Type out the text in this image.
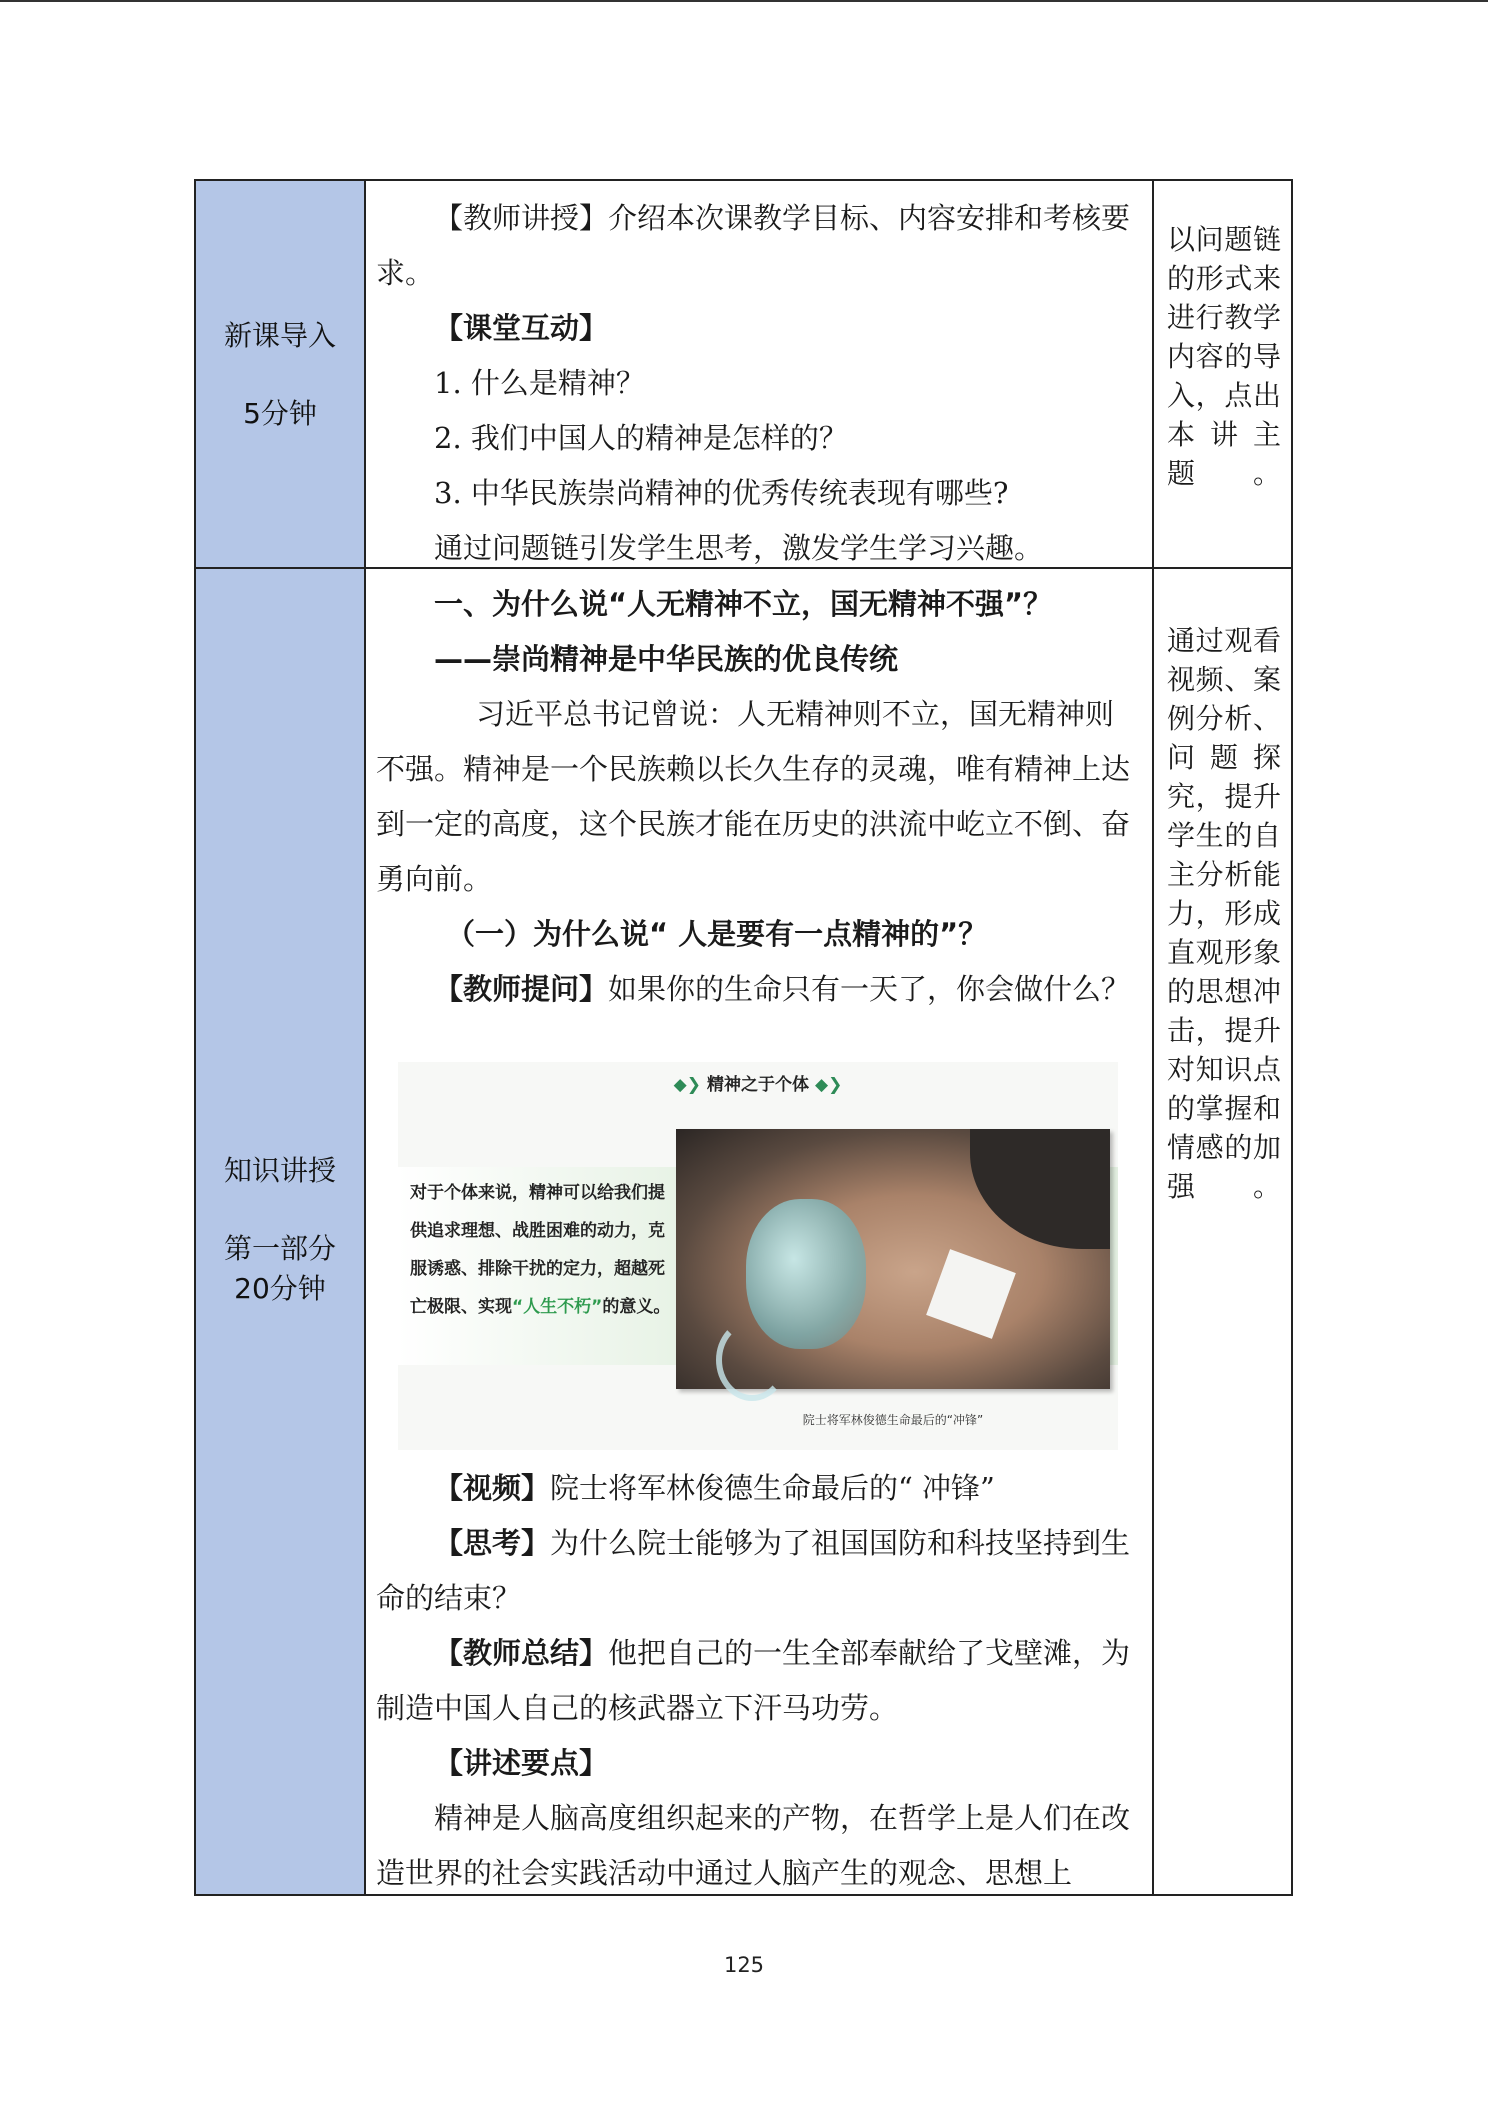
新课导入
5分钟

【教师讲授】介绍本次课教学目标、内容安排和考核要求。

【课堂互动】

1. 什么是精神？

2. 我们中国人的精神是怎样的？

3. 中华民族崇尚精神的优秀传统表现有哪些?

通过问题链引发学生思考，激发学生学习兴趣。

以问题链的形式来进行教学内容的导入，点出本讲主题。
知识讲授
第一部分
20分钟

一、为什么说“人无精神不立，国无精神不强”？

——崇尚精神是中华民族的优良传统

习近平总书记曾说：人无精神则不立，国无精神则不强。精神是一个民族赖以长久生存的灵魂，唯有精神上达到一定的高度，这个民族才能在历史的洪流中屹立不倒、奋勇向前。

（一）为什么说“ 人是要有一点精神的”？

【教师提问】如果你的生命只有一天了，你会做什么？

◆❯ 精神之于个体 ◆❯
对于个体来说，精神可以给我们提供追求理想、战胜困难的动力，克服诱惑、排除干扰的定力，超越死亡极限、实现“人生不朽”的意义。
院士将军林俊德生命最后的“冲锋”

【视频】院士将军林俊德生命最后的“ 冲锋”

【思考】为什么院士能够为了祖国国防和科技坚持到生命的结束？

【教师总结】他把自己的一生全部奉献给了戈壁滩，为制造中国人自己的核武器立下汗马功劳。

【讲述要点】

精神是人脑高度组织起来的产物，在哲学上是人们在改造世界的社会实践活动中通过人脑产生的观念、思想上

通过观看视频、案例分析、问题探究，提升学生的自主分析能力，形成直观形象的思想冲击，提升对知识点的掌握和情感的加强。
125
